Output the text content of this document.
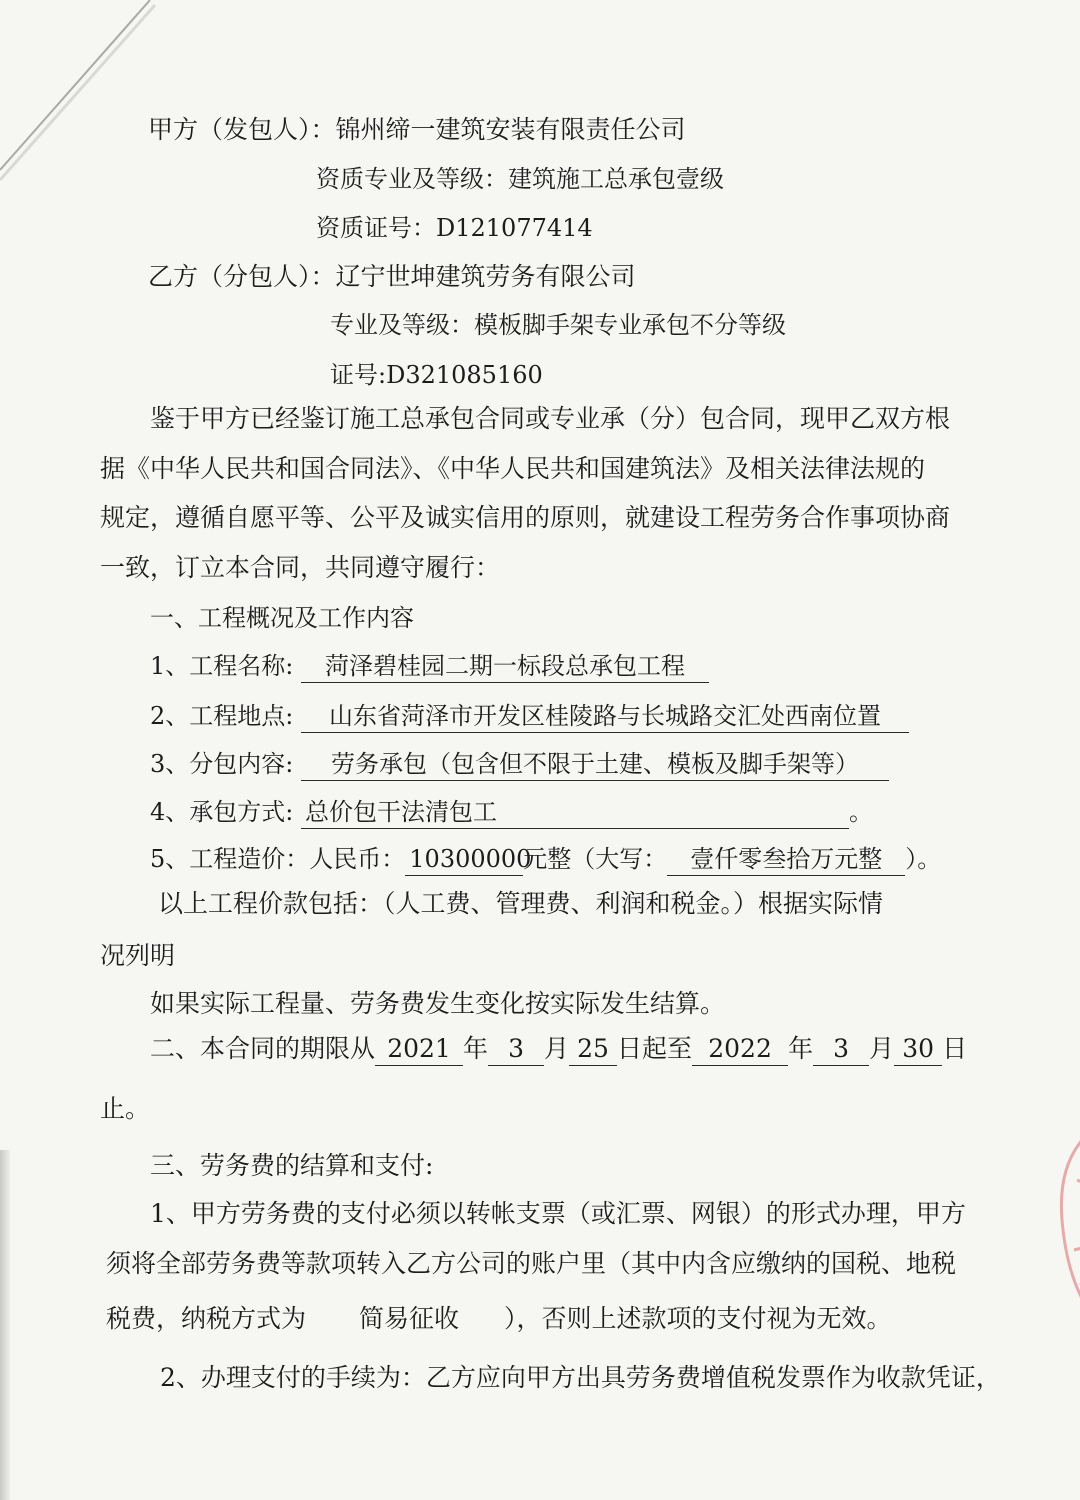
甲方（发包人）：锦州缔一建筑安装有限责任公司
资质专业及等级：建筑施工总承包壹级
资质证号：D121077414
乙方（分包人）：辽宁世坤建筑劳务有限公司
专业及等级：模板脚手架专业承包不分等级
证号:D321085160
鉴于甲方已经鉴订施工总承包合同或专业承（分）包合同，现甲乙双方根
据《中华人民共和国合同法》、《中华人民共和国建筑法》及相关法律法规的
规定，遵循自愿平等、公平及诚实信用的原则，就建设工程劳务合作事项协商
一致，订立本合同，共同遵守履行：
一、工程概况及工作内容
1、工程名称: 菏泽碧桂园二期一标段总承包工程
2、工程地点: 山东省菏泽市开发区桂陵路与长城路交汇处西南位置
3、分包内容: 劳务承包（包含但不限于土建、模板及脚手架等）
4、承包方式: 总价包干法清包工	。
5、工程造价：人民币： 10300000元整（大写： 壹仟零叁拾万元整 ）。
以上工程价款包括：（人工费、管理费、利润和税金。）根据实际情
况列明
如果实际工程量、劳务费发生变化按实际发生结算。
二、本合同的期限从 2021 年 3 月 25 日起至 2022 年 3 月 30 日
止。
三、劳务费的结算和支付:
1、甲方劳务费的支付必须以转帐支票（或汇票、网银）的形式办理，甲方
须将全部劳务费等款项转入乙方公司的账户里（其中内含应缴纳的国税、地税
税费，纳税方式为 简易征收 ），否则上述款项的支付视为无效。
2、办理支付的手续为：乙方应向甲方出具劳务费增值税发票作为收款凭证，
